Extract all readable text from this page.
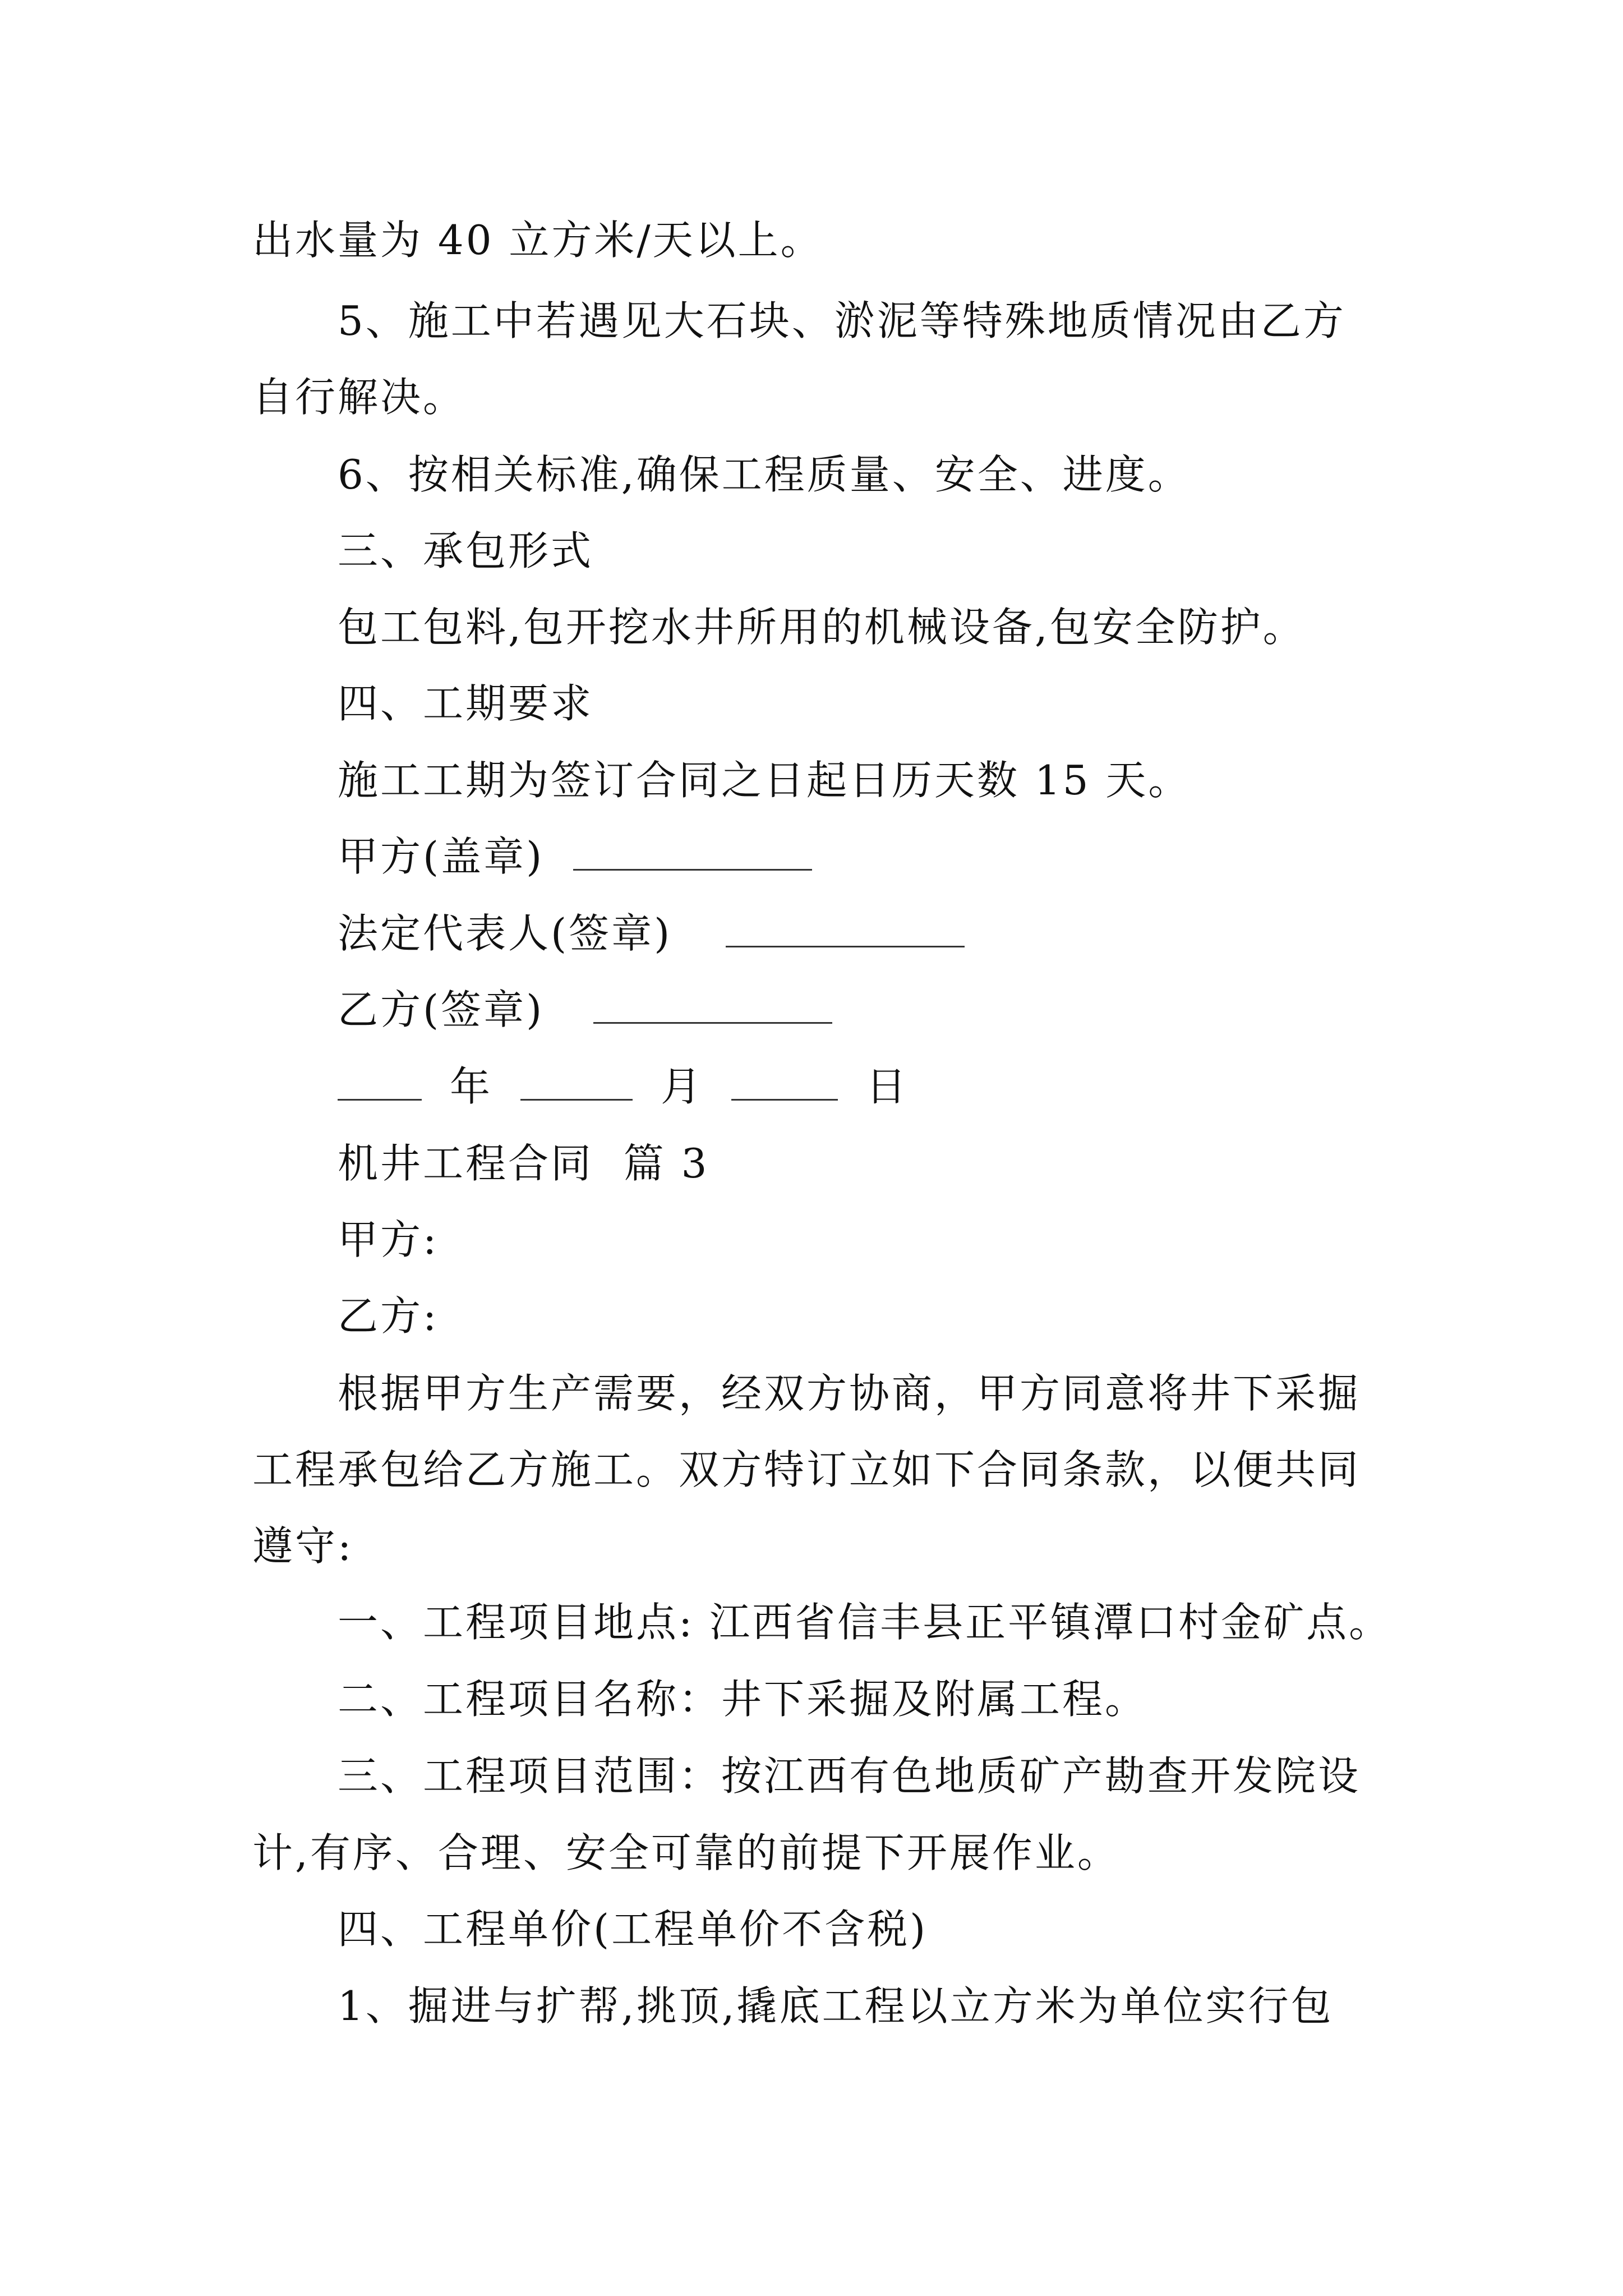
出水量为 40 立方米/天以上。
5、施工中若遇见大石块、淤泥等特殊地质情况由乙方
自行解决。
6、按相关标准,确保工程质量、安全、进度。
三、承包形式
包工包料,包开挖水井所用的机械设备,包安全防护。
四、工期要求
施工工期为签订合同之日起日历天数 15 天。
甲方(盖章)
法定代表人(签章)
乙方(签章)
年	月	日
机井工程合同  篇 3
甲方:
乙方:
根据甲方生产需要，经双方协商，甲方同意将井下采掘
工程承包给乙方施工。双方特订立如下合同条款，以便共同
遵守:
一、工程项目地点: 江西省信丰县正平镇潭口村金矿点。
二、工程项目名称：井下采掘及附属工程。
三、工程项目范围：按江西有色地质矿产勘查开发院设
计,有序、合理、安全可靠的前提下开展作业。
四、工程单价(工程单价不含税)
1、掘进与扩帮,挑顶,撬底工程以立方米为单位实行包
